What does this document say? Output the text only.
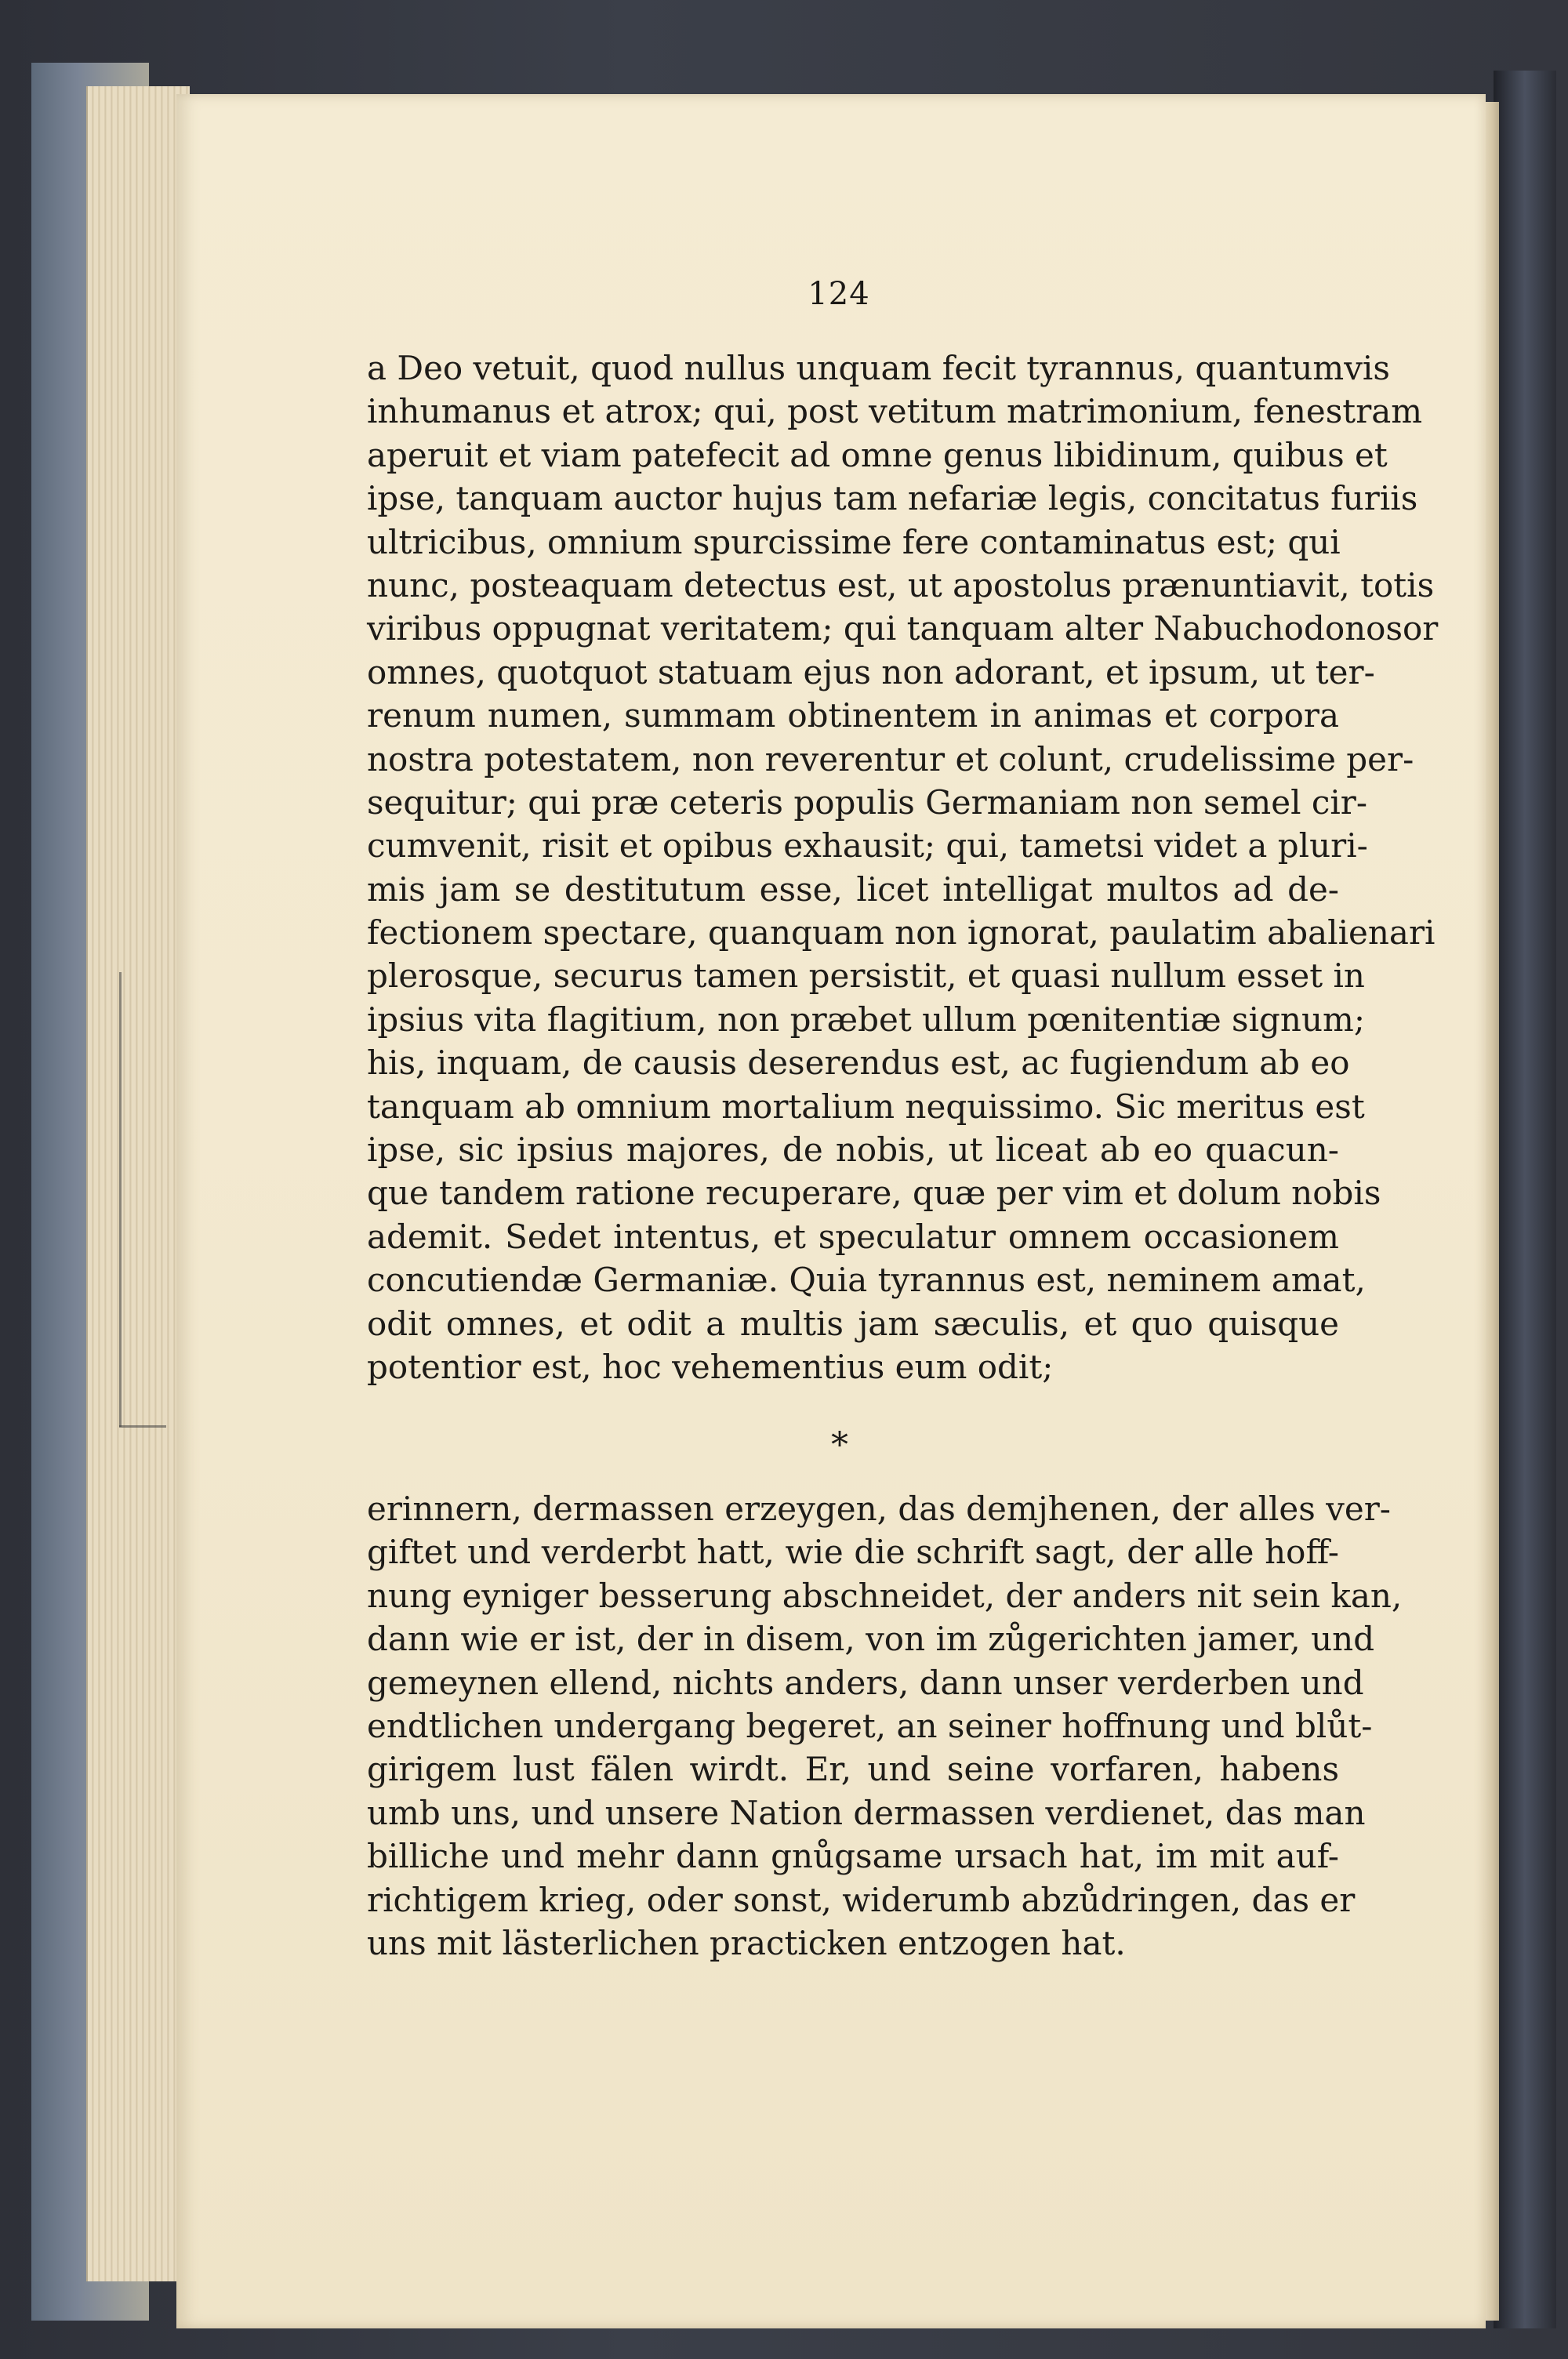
124
a Deo vetuit, quod nullus unquam fecit tyrannus, quantumvis
inhumanus et atrox; qui, post vetitum matrimonium, fenestram
aperuit et viam patefecit ad omne genus libidinum, quibus et
ipse, tanquam auctor hujus tam nefariæ legis, concitatus furiis
ultricibus, omnium spurcissime fere contaminatus est; qui
nunc, posteaquam detectus est, ut apostolus prænuntiavit, totis
viribus oppugnat veritatem; qui tanquam alter Nabuchodonosor
omnes, quotquot statuam ejus non adorant, et ipsum, ut ter-
renum numen, summam obtinentem in animas et corpora
nostra potestatem, non reverentur et colunt, crudelissime per-
sequitur; qui præ ceteris populis Germaniam non semel cir-
cumvenit, risit et opibus exhausit; qui, tametsi videt a pluri-
mis jam se destitutum esse, licet intelligat multos ad de-
fectionem spectare, quanquam non ignorat, paulatim abalienari
plerosque, securus tamen persistit, et quasi nullum esset in
ipsius vita flagitium, non præbet ullum pœnitentiæ signum;
his, inquam, de causis deserendus est, ac fugiendum ab eo
tanquam ab omnium mortalium nequissimo. Sic meritus est
ipse, sic ipsius majores, de nobis, ut liceat ab eo quacun-
que tandem ratione recuperare, quæ per vim et dolum nobis
ademit. Sedet intentus, et speculatur omnem occasionem
concutiendæ Germaniæ. Quia tyrannus est, neminem amat,
odit omnes, et odit a multis jam sæculis, et quo quisque
potentior est, hoc vehementius eum odit;
*
erinnern, dermassen erzeygen, das demjhenen, der alles ver-
giftet und verderbt hatt, wie die schrift sagt, der alle hoff-
nung eyniger besserung abschneidet, der anders nit sein kan,
dann wie er ist, der in disem, von im zůgerichten jamer, und
gemeynen ellend, nichts anders, dann unser verderben und
endtlichen undergang begeret, an seiner hoffnung und blůt-
girigem lust fälen wirdt. Er, und seine vorfaren, habens
umb uns, und unsere Nation dermassen verdienet, das man
billiche und mehr dann gnůgsame ursach hat, im mit auf-
richtigem krieg, oder sonst, widerumb abzůdringen, das er
uns mit lästerlichen practicken entzogen hat.
